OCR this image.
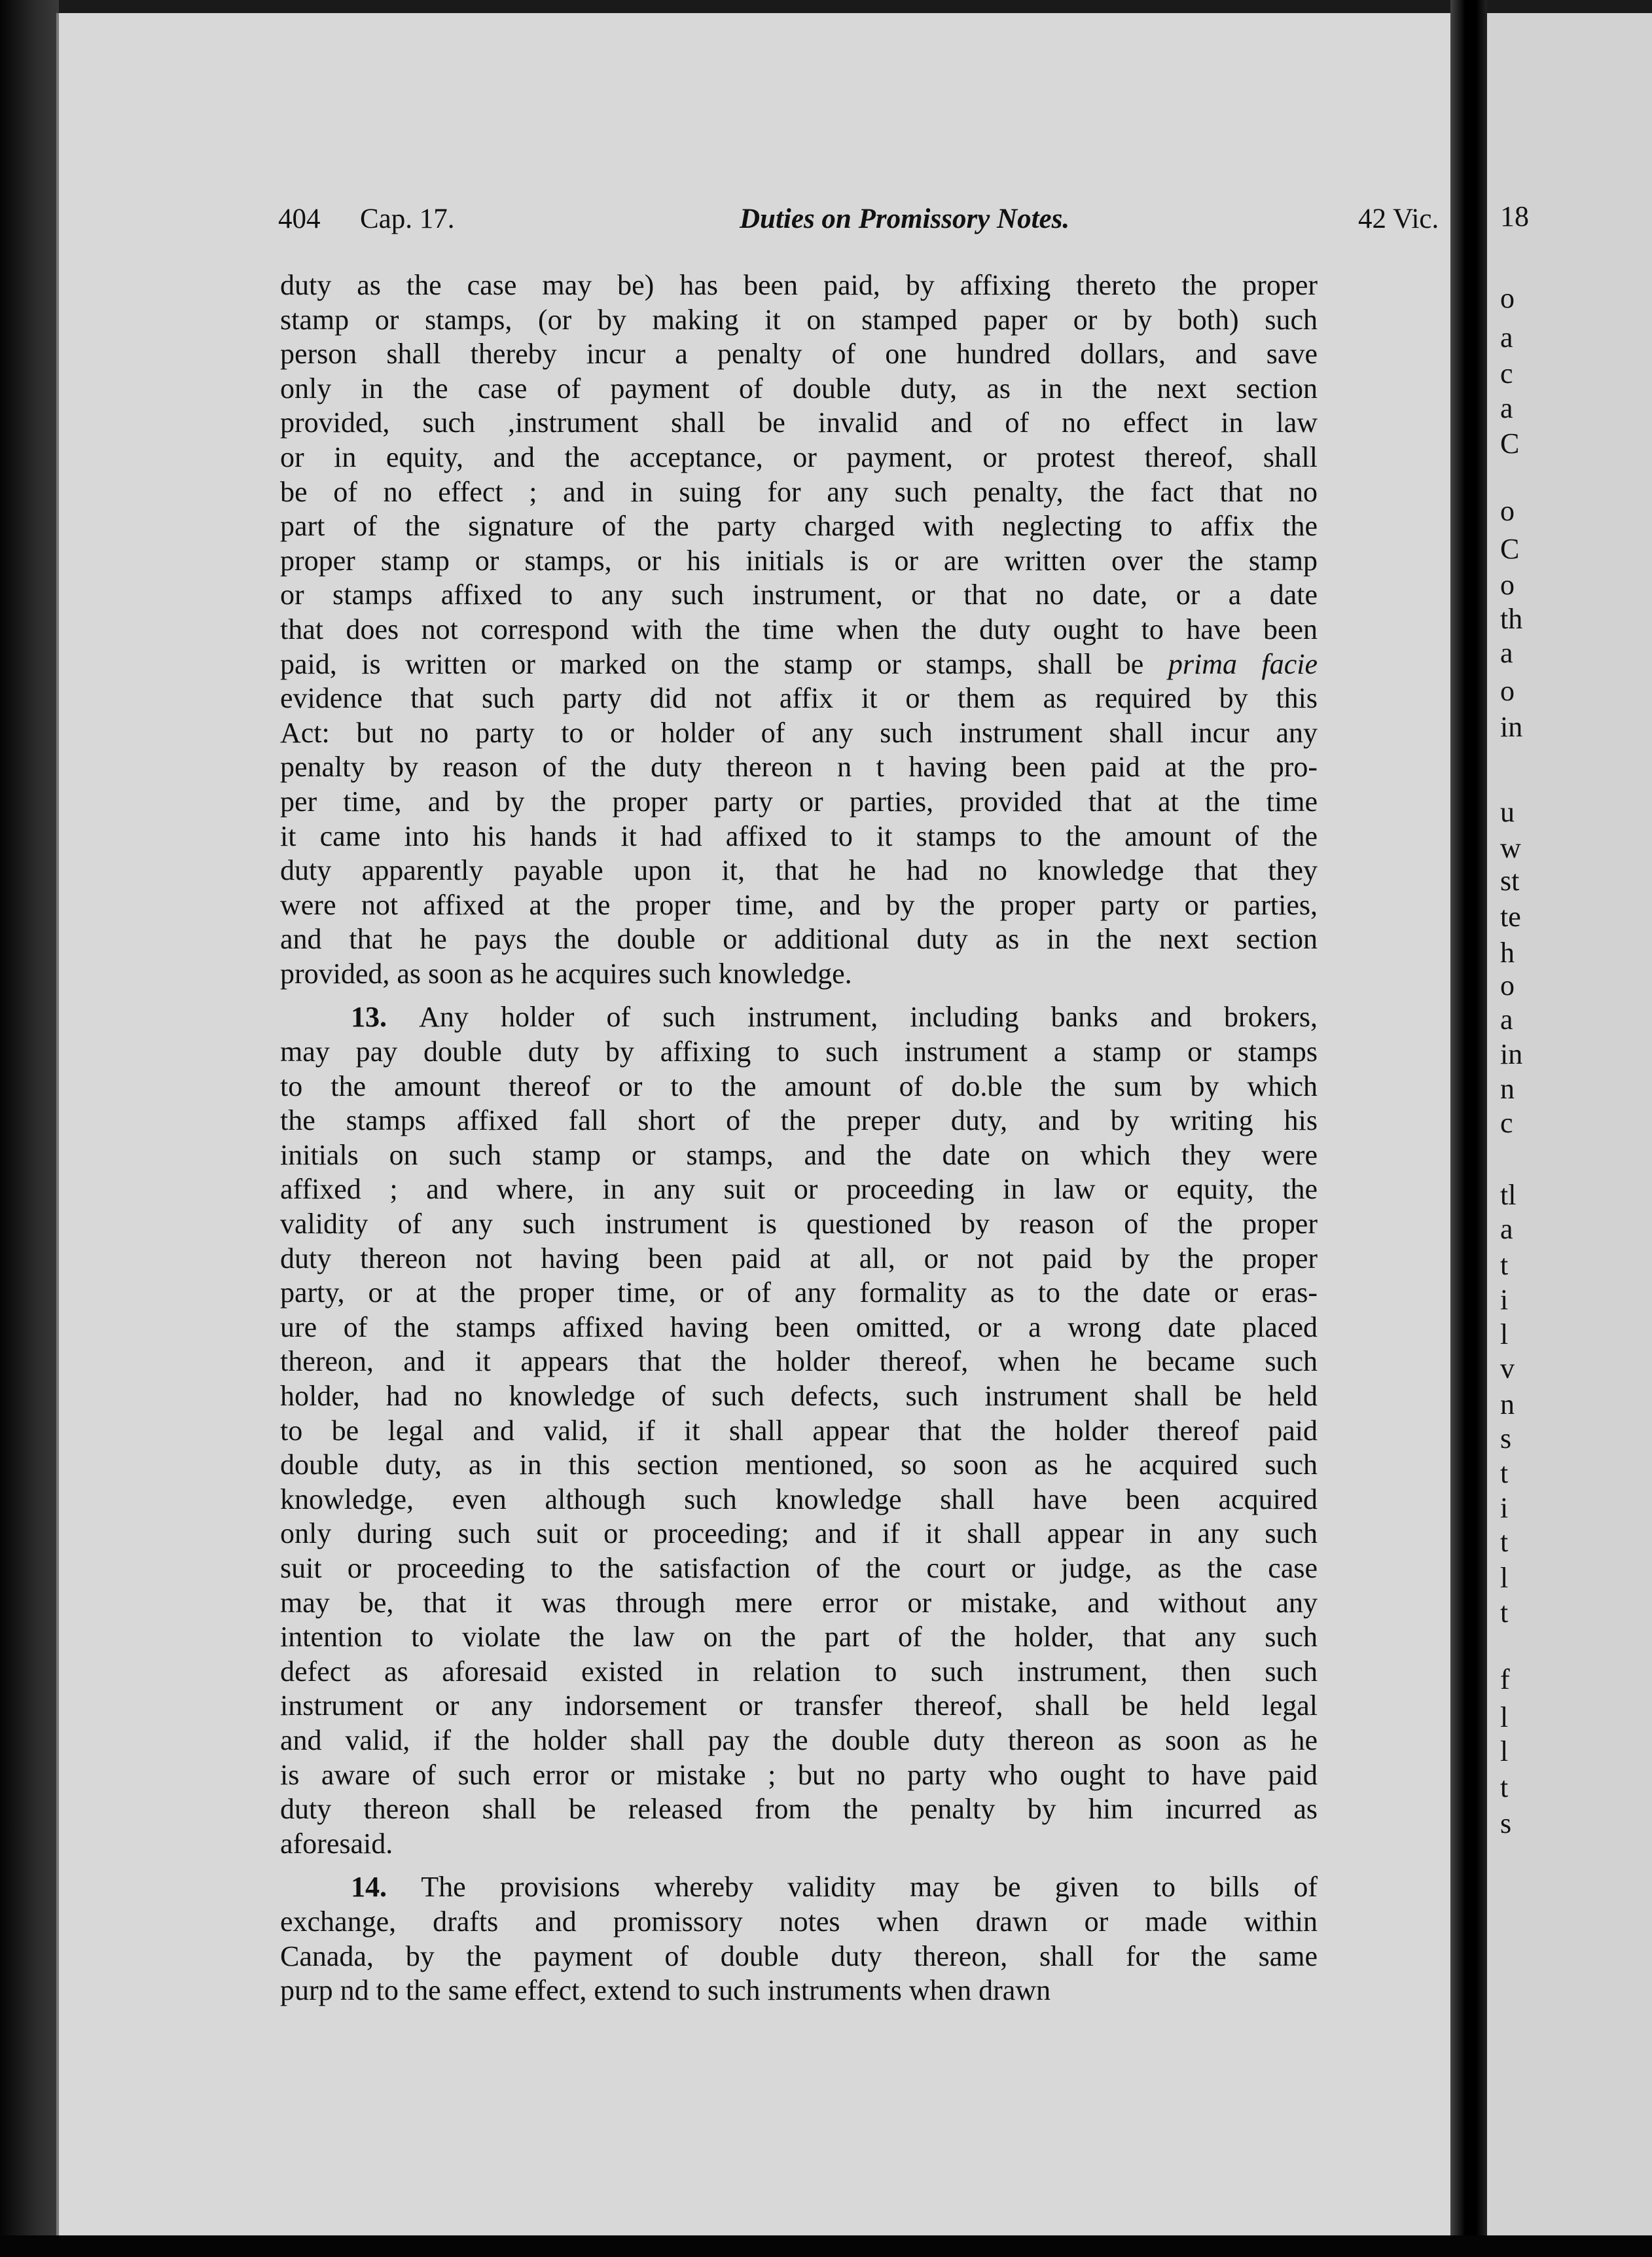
404 Cap. 17.	Duties on Promissory Notes.	42 Vic.
duty as the case may be) has been paid, by affixing thereto the proper
stamp or stamps, (or by making it on stamped paper or by both) such
person shall thereby incur a penalty of one hundred dollars, and save
only in the case of payment of double duty, as in the next section
provided, such ,instrument shall be invalid and of no effect in law
or in equity, and the acceptance, or payment, or protest thereof, shall
be of no effect ; and in suing for any such penalty, the fact that no
part of the signature of the party charged with neglecting to affix the
proper stamp or stamps, or his initials is or are written over the stamp
or stamps affixed to any such instrument, or that no date, or a date
that does not correspond with the time when the duty ought to have been
paid, is written or marked on the stamp or stamps, shall be prima facie
evidence that such party did not affix it or them as required by this
Act: but no party to or holder of any such instrument shall incur any
penalty by reason of the duty thereon n t having been paid at the pro-
per time, and by the proper party or parties, provided that at the time
it came into his hands it had affixed to it stamps to the amount of the
duty apparently payable upon it, that he had no knowledge that they
were not affixed at the proper time, and by the proper party or parties,
and that he pays the double or additional duty as in the next section
provided, as soon as he acquires such knowledge.
13. Any holder of such instrument, including banks and brokers,
may pay double duty by affixing to such instrument a stamp or stamps
to the amount thereof or to the amount of do.ble the sum by which
the stamps affixed fall short of the preper duty, and by writing his
initials on such stamp or stamps, and the date on which they were
affixed ; and where, in any suit or proceeding in law or equity, the
validity of any such instrument is questioned by reason of the proper
duty thereon not having been paid at all, or not paid by the proper
party, or at the proper time, or of any formality as to the date or eras-
ure of the stamps affixed having been omitted, or a wrong date placed
thereon, and it appears that the holder thereof, when he became such
holder, had no knowledge of such defects, such instrument shall be held
to be legal and valid, if it shall appear that the holder thereof paid
double duty, as in this section mentioned, so soon as he acquired such
knowledge, even although such knowledge shall have been acquired
only during such suit or proceeding; and if it shall appear in any such
suit or proceeding to the satisfaction of the court or judge, as the case
may be, that it was through mere error or mistake, and without any
intention to violate the law on the part of the holder, that any such
defect as aforesaid existed in relation to such instrument, then such
instrument or any indorsement or transfer thereof, shall be held legal
and valid, if the holder shall pay the double duty thereon as soon as he
is aware of such error or mistake ; but no party who ought to have paid
duty thereon shall be released from the penalty by him incurred as
aforesaid.
14. The provisions whereby validity may be given to bills of
exchange, drafts and promissory notes when drawn or made within
Canada, by the payment of double duty thereon, shall for the same
purp nd to the same effect, extend to such instruments when drawn
18
o
a
c
a
C
o
C
o
th
a
o
in
u
w
st
te
h
o
a
in
n
c
tl
a
t
i
l
v
n
s
t
i
t
l
t
f
l
l
t
s
